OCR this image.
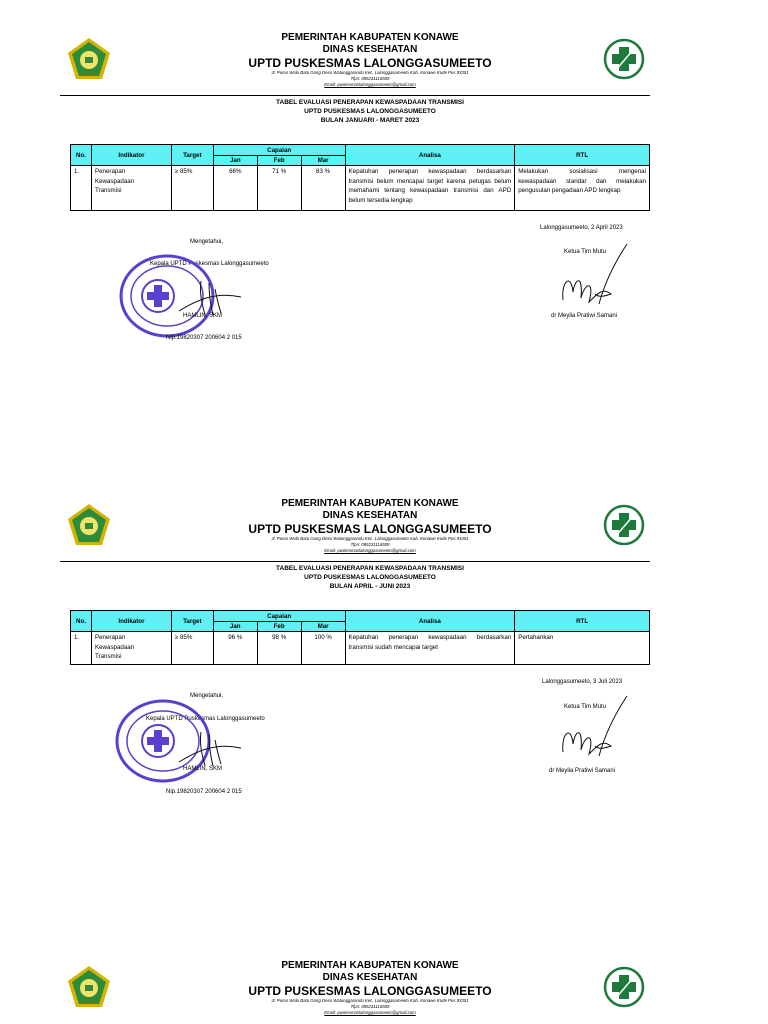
PEMERINTAH KABUPATEN KONAWE
DINAS KESEHATAN
UPTD PUSKESMAS LALONGGASUMEETO
Jl. Poros Wolo Batu Gong Desa Watunggarandu Kec. Lalonggasumeeto Kab. Konawe Kode Pos 93351
Tlpn: 085231116509
Email: puskesmaslalonggasumeeto@gmail.com
TABEL EVALUASI PENERAPAN KEWASPADAAN TRANSMISI
UPTD PUSKESMAS LALONGGASUMEETO
BULAN JANUARI - MARET 2023
No.	Indikator	Target	Capaian			Analisa	RTL
			Jan	Feb	Mar		
1.	Penerapan
Kewaspadaan
Transmisi	≥ 85%	66%	71 %	83 %	Kepatuhan penerapan kewaspadaan berdasarkan transmisi belum mencapai target karena petugas belum memahami tentang kewaspadaan transmisi dan APD belum tersedia lengkap	Melakukan sosialisasi mengenai kewaspadaan standar dan melakukan pengusulan pengadaan APD lengkap
Lalonggasumeeto, 2 April 2023
Ketua Tim Mutu
dr Meylia Pratiwi Samani
Mengetahui,
Kepala UPTD Puskesmas Lalonggasumeeto
HAMLIN, SKM
Nip.19820307 200604 2 015
PEMERINTAH KABUPATEN KONAWE
DINAS KESEHATAN
UPTD PUSKESMAS LALONGGASUMEETO
Jl. Poros Wolo Batu Gong Desa Watunggarandu Kec. Lalonggasumeeto Kab. Konawe Kode Pos 93351
Tlpn: 085231116509
Email: puskesmaslalonggasumeeto@gmail.com
TABEL EVALUASI PENERAPAN KEWASPADAAN TRANSMISI
UPTD PUSKESMAS LALONGGASUMEETO
BULAN APRIL - JUNI 2023
No.	Indikator	Target	Capaian			Analisa	RTL
			Jan	Feb	Mar		
1.	Penerapan
Kewaspadaan
Transmisi	≥ 85%	96 %	98 %	100 %	Kepatuhan penerapan kewaspadaan berdasarkan transmisi sudah mencapai target	Pertahankan
Lalonggasumeeto, 3 Juli 2023
Ketua Tim Mutu
dr Meylia Pratiwi Samani
Mengetahui,
Kepala UPTD Puskesmas Lalonggasumeeto
HAMLIN, SKM
Nip.19820307 200604 2 015
PEMERINTAH KABUPATEN KONAWE
DINAS KESEHATAN
UPTD PUSKESMAS LALONGGASUMEETO
Jl. Poros Wolo Batu Gong Desa Watunggarandu Kec. Lalonggasumeeto Kab. Konawe Kode Pos 93351
Tlpn: 085231116509
Email: puskesmaslalonggasumeeto@gmail.com
